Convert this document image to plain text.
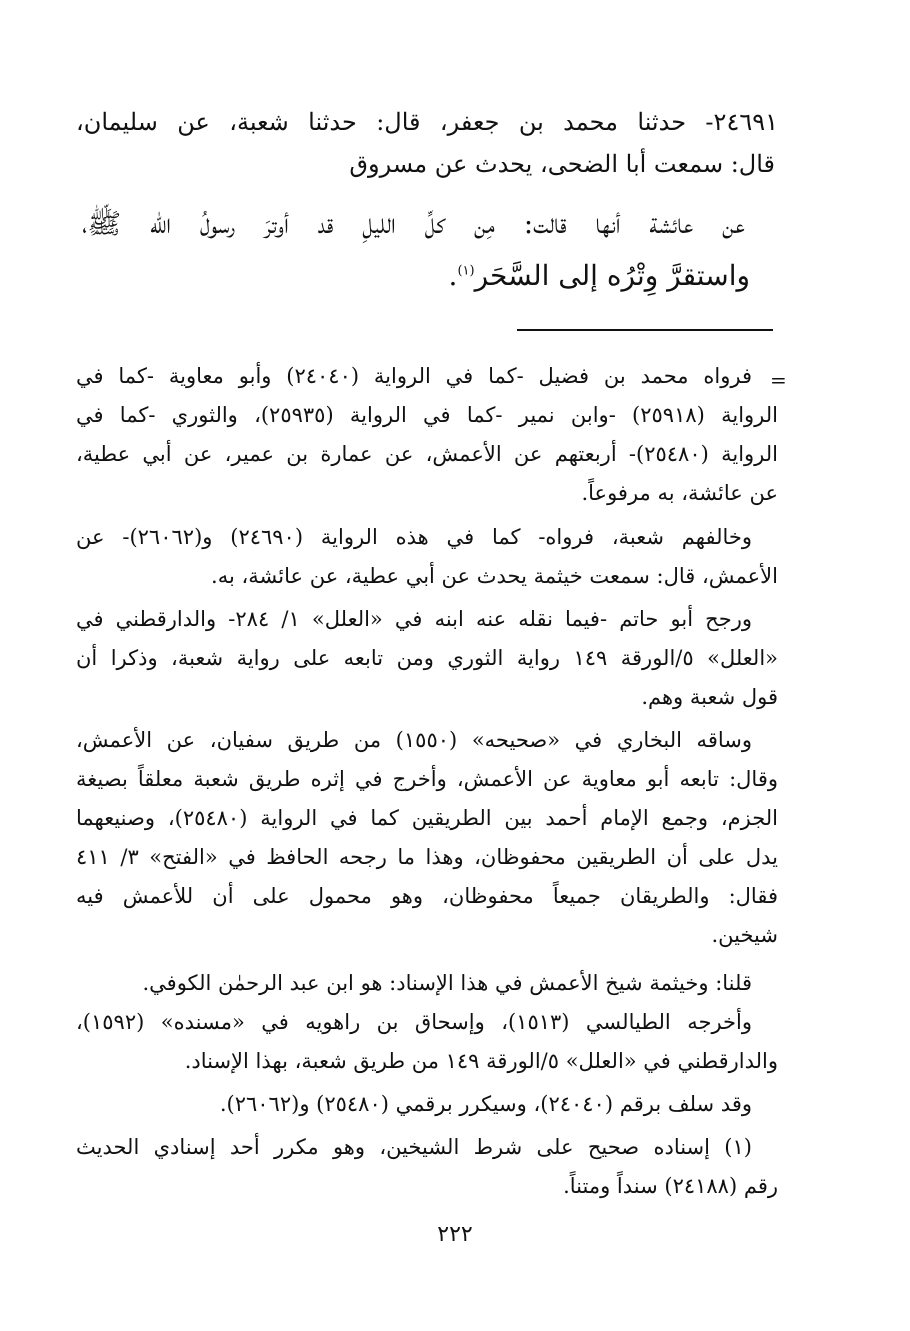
٢٤٦٩١- حدثنا محمد بن جعفر، قال: حدثنا شعبة، عن سليمان،
قال: سمعت أبا الضحى، يحدث عن مسروق
عن عائشة أنها قالت: مِن كلِّ الليلِ قد أوترَ رسولُ الله ﷺ،
واستقرَّ وِتْرُه إلى السَّحَر$^{(١)}$.
=
فرواه محمد بن فضيل -كما في الرواية (٢٤٠٤٠) وأبو معاوية -كما في
الرواية (٢٥٩١٨) -وابن نمير -كما في الرواية (٢٥٩٣٥)، والثوري -كما في
الرواية (٢٥٤٨٠)- أربعتهم عن الأعمش، عن عمارة بن عمير، عن أبي عطية،
عن عائشة، به مرفوعاً.
وخالفهم شعبة، فرواه- كما في هذه الرواية (٢٤٦٩٠) و(٢٦٠٦٢)- عن
الأعمش، قال: سمعت خيثمة يحدث عن أبي عطية، عن عائشة، به.
ورجح أبو حاتم -فيما نقله عنه ابنه في «العلل» ١/ ٢٨٤- والدارقطني في
«العلل» ٥/الورقة ١٤٩ رواية الثوري ومن تابعه على رواية شعبة، وذكرا أن
قول شعبة وهم.
وساقه البخاري في «صحيحه» (١٥٥٠) من طريق سفيان، عن الأعمش،
وقال: تابعه أبو معاوية عن الأعمش، وأخرج في إثره طريق شعبة معلقاً بصيغة
الجزم، وجمع الإمام أحمد بين الطريقين كما في الرواية (٢٥٤٨٠)، وصنيعهما
يدل على أن الطريقين محفوظان، وهذا ما رجحه الحافظ في «الفتح» ٣/ ٤١١
فقال: والطريقان جميعاً محفوظان، وهو محمول على أن للأعمش فيه
شيخين.
قلنا: وخيثمة شيخ الأعمش في هذا الإسناد: هو ابن عبد الرحمٰن الكوفي.
وأخرجه الطيالسي (١٥١٣)، وإسحاق بن راهويه في «مسنده» (١٥٩٢)،
والدارقطني في «العلل» ٥/الورقة ١٤٩ من طريق شعبة، بهذا الإسناد.
وقد سلف برقم (٢٤٠٤٠)، وسيكرر برقمي (٢٥٤٨٠) و(٢٦٠٦٢).
(١) إسناده صحيح على شرط الشيخين، وهو مكرر أحد إسنادي الحديث
رقم (٢٤١٨٨) سنداً ومتناً.
٢٢٢
